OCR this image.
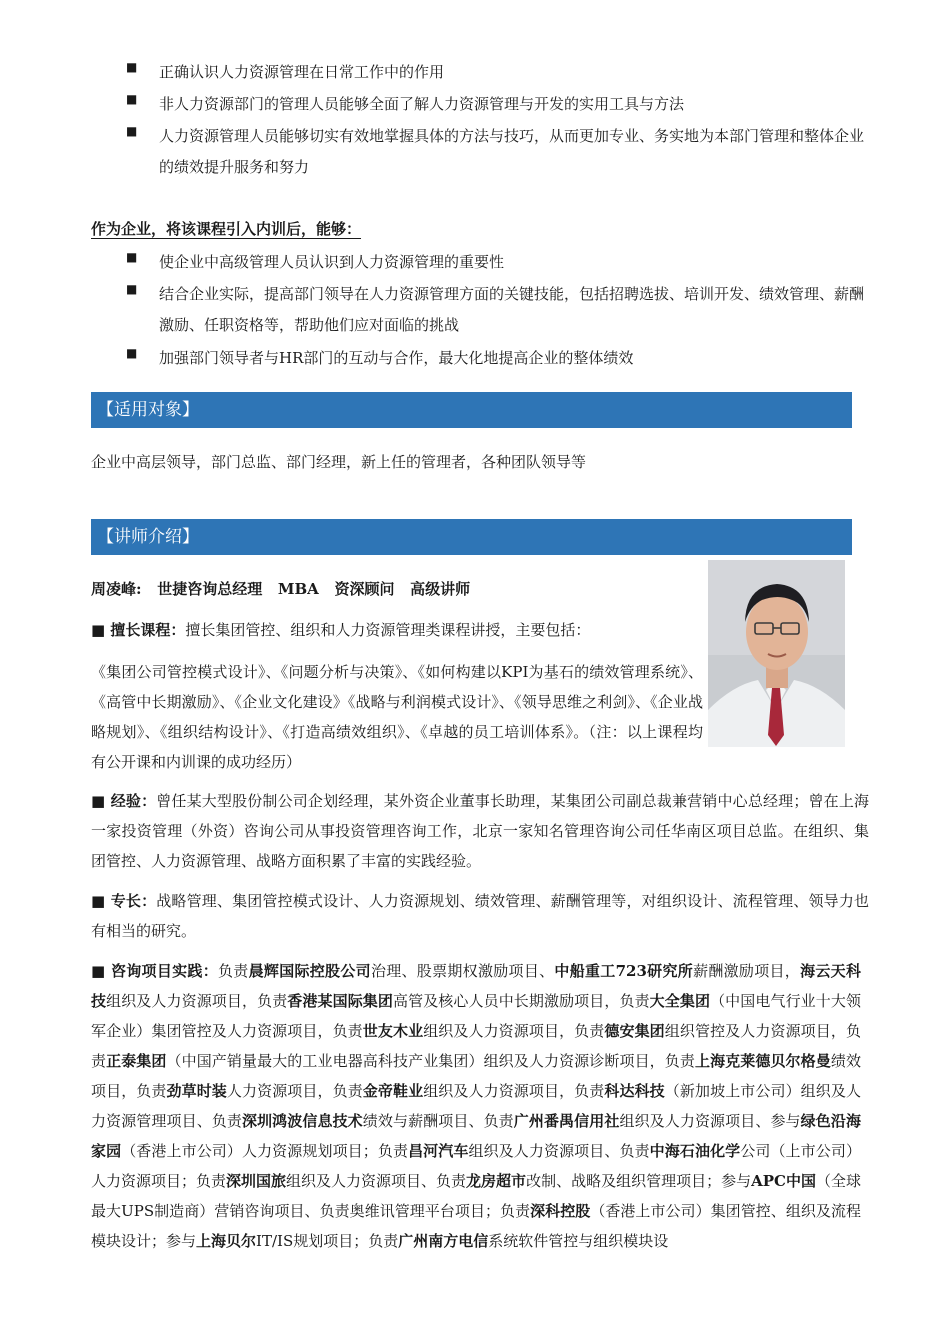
■ 正确认识人力资源管理在日常工作中的作用
■ 非人力资源部门的管理人员能够全面了解人力资源管理与开发的实用工具与方法
■ 人力资源管理人员能够切实有效地掌握具体的方法与技巧，从而更加专业、务实地为本部门管理和整体企业的绩效提升服务和努力
作为企业，将该课程引入内训后，能够：
■ 使企业中高级管理人员认识到人力资源管理的重要性
■ 结合企业实际，提高部门领导在人力资源管理方面的关键技能，包括招聘选拔、培训开发、绩效管理、薪酬激励、任职资格等，帮助他们应对面临的挑战
■ 加强部门领导者与HR部门的互动与合作，最大化地提高企业的整体绩效
【适用对象】
企业中高层领导，部门总监、部门经理，新上任的管理者，各种团队领导等
【讲师介绍】
周凌峰:   世捷咨询总经理   MBA   资深顾问   高级讲师
■ 擅长课程：擅长集团管控、组织和人力资源管理类课程讲授，主要包括：
《集团公司管控模式设计》、《问题分析与决策》、《如何构建以KPI为基石的绩效管理系统》、《高管中长期激励》、《企业文化建设》《战略与利润模式设计》、《领导思维之利剑》、《企业战略规划》、《组织结构设计》、《打造高绩效组织》、《卓越的员工培训体系》。（注：以上课程均有公开课和内训课的成功经历）
■ 经验：曾任某大型股份制公司企划经理，某外资企业董事长助理，某集团公司副总裁兼营销中心总经理；曾在上海一家投资管理（外资）咨询公司从事投资管理咨询工作，北京一家知名管理咨询公司任华南区项目总监。在组织、集团管控、人力资源管理、战略方面积累了丰富的实践经验。
■ 专长：战略管理、集团管控模式设计、人力资源规划、绩效管理、薪酬管理等，对组织设计、流程管理、领导力也有相当的研究。
■ 咨询项目实践：负责晨辉国际控股公司治理、股票期权激励项目、中船重工723研究所薪酬激励项目，海云天科技组织及人力资源项目，负责香港某国际集团高管及核心人员中长期激励项目，负责大全集团（中国电气行业十大领军企业）集团管控及人力资源项目，负责世友木业组织及人力资源项目，负责德安集团组织管控及人力资源项目，负责正泰集团（中国产销量最大的工业电器高科技产业集团）组织及人力资源诊断项目，负责上海克莱德贝尔格曼绩效项目，负责劲草时装人力资源项目，负责金帝鞋业组织及人力资源项目，负责科达科技（新加坡上市公司）组织及人力资源管理项目、负责深圳鸿波信息技术绩效与薪酬项目、负责广州番禺信用社组织及人力资源项目、参与绿色沿海家园（香港上市公司）人力资源规划项目；负责昌河汽车组织及人力资源项目、负责中海石油化学公司（上市公司）人力资源项目；负责深圳国旅组织及人力资源项目、负责龙房超市改制、战略及组织管理项目；参与APC中国（全球最大UPS制造商）营销咨询项目、负责奥维讯管理平台项目；负责深科控股（香港上市公司）集团管控、组织及流程模块设计；参与上海贝尔IT/IS规划项目；负责广州南方电信系统软件管控与组织模块设
